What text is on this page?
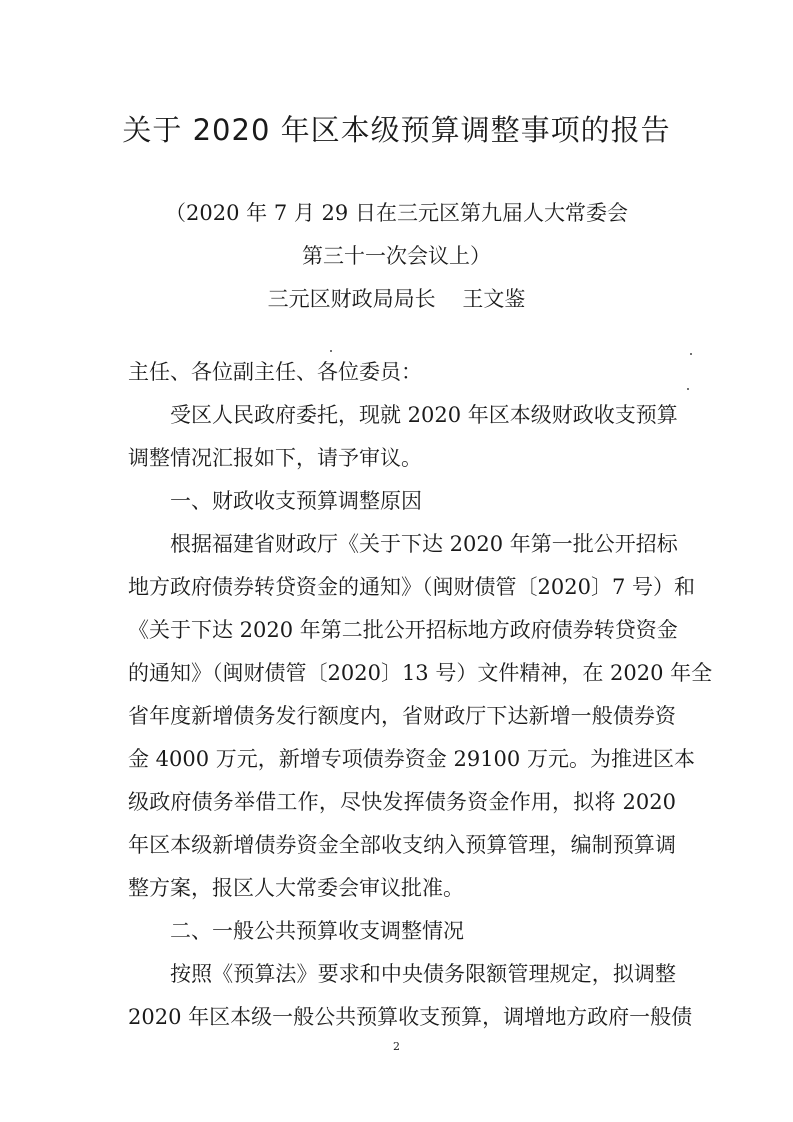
关于 2020 年区本级预算调整事项的报告
（2020 年 7 月 29 日在三元区第九届人大常委会
第三十一次会议上）
三元区财政局局长    王文鉴
主任、各位副主任、各位委员：
受区人民政府委托，现就 2020 年区本级财政收支预算
调整情况汇报如下，请予审议。
一、财政收支预算调整原因
根据福建省财政厅《关于下达 2020 年第一批公开招标
地方政府债券转贷资金的通知》（闽财债管〔2020〕7 号）和
《关于下达 2020 年第二批公开招标地方政府债券转贷资金
的通知》（闽财债管〔2020〕13 号）文件精神，在 2020 年全
省年度新增债务发行额度内，省财政厅下达新增一般债券资
金 4000 万元，新增专项债券资金 29100 万元。为推进区本
级政府债务举借工作，尽快发挥债务资金作用，拟将 2020
年区本级新增债券资金全部收支纳入预算管理，编制预算调
整方案，报区人大常委会审议批准。
二、一般公共预算收支调整情况
按照《预算法》要求和中央债务限额管理规定，拟调整
2020 年区本级一般公共预算收支预算，调增地方政府一般债
2
